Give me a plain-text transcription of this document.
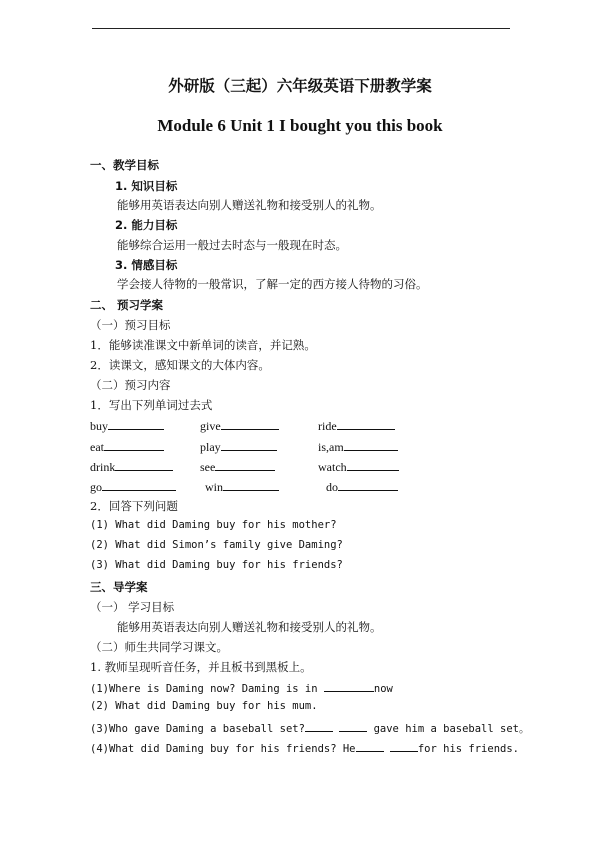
外研版（三起）六年级英语下册教学案
Module 6 Unit 1 I bought you this book
一、教学目标
1. 知识目标
能够用英语表达向别人赠送礼物和接受别人的礼物。
2. 能力目标
能够综合运用一般过去时态与一般现在时态。
3. 情感目标
学会接人待物的一般常识，了解一定的西方接人待物的习俗。
二、 预习学案
（一）预习目标
1．能够读准课文中新单词的读音，并记熟。
2．读课文，感知课文的大体内容。
（二）预习内容
1．写出下列单词过去式
buy	give	ride
eat	play	is,am
drink	see	watch
go	win	do
2．回答下列问题
(1) What did Daming buy for his mother?
(2) What did Simon’s family give Daming?
(3) What did Daming buy for his friends?
三、导学案
（一） 学习目标
能够用英语表达向别人赠送礼物和接受别人的礼物。
（二）师生共同学习课文。
1. 教师呈现听音任务，并且板书到黑板上。
(1)Where is Daming now? Daming is in	now
(2) What did Daming buy for his mum.
(3)Who gave Daming a baseball set?	gave him a baseball set。
(4)What did Daming buy for his friends? He	for his friends.
